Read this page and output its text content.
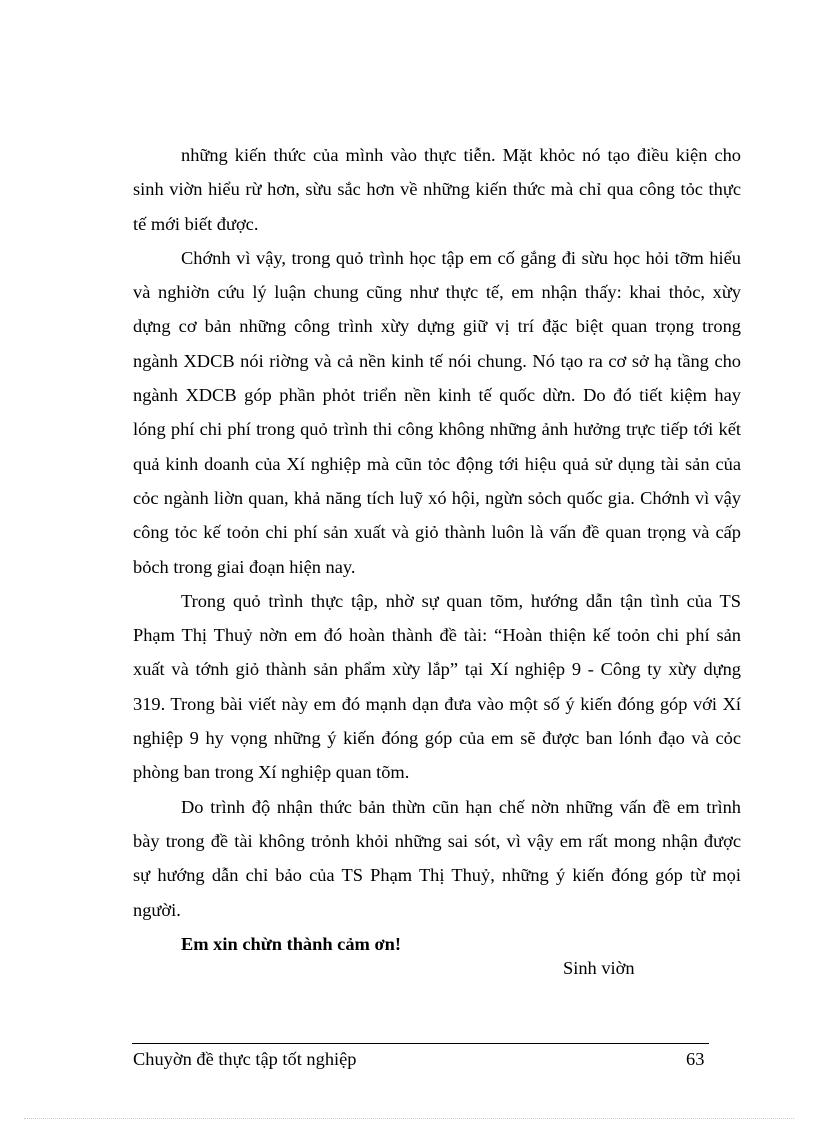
những kiến thức của mình vào thực tiễn. Mặt khỏc nó tạo điều kiện cho
sinh viờn hiểu rừ hơn, sừu sắc hơn về những kiến thức mà chỉ qua công tỏc thực
tế mới biết được.

Chớnh vì vậy, trong quỏ trình học tập em cố gắng đi sừu học hỏi tỡm hiểu
và nghiờn cứu lý luận chung cũng như thực tế, em nhận thấy: khai thỏc, xừy
dựng cơ bản những công trình xừy dựng giữ vị trí đặc biệt quan trọng trong
ngành XDCB nói riờng và cả nền kinh tế nói chung. Nó tạo ra cơ sở hạ tầng cho
ngành XDCB góp phần phỏt triển nền kinh tế quốc dừn. Do đó tiết kiệm hay
lóng phí chi phí trong quỏ trình thi công không những ảnh hưởng trực tiếp tới kết
quả kinh doanh của Xí nghiệp mà cũn tỏc động tới hiệu quả sử dụng tài sản của
cỏc ngành liờn quan, khả năng tích luỹ xó hội, ngừn sỏch quốc gia. Chớnh vì vậy
công tỏc kế toỏn chi phí sản xuất và giỏ thành luôn là vấn đề quan trọng và cấp
bỏch trong giai đoạn hiện nay.

Trong quỏ trình thực tập, nhờ sự quan tõm, hướng dẫn tận tình của TS
Phạm Thị Thuỷ nờn em đó hoàn thành đề tài: “Hoàn thiện kế toỏn chi phí sản
xuất và tớnh giỏ thành sản phẩm xừy lắp” tại Xí nghiệp 9 - Công ty xừy dựng
319. Trong bài viết này em đó mạnh dạn đưa vào một số ý kiến đóng góp với Xí
nghiệp 9 hy vọng những ý kiến đóng góp của em sẽ được ban lónh đạo và cỏc
phòng ban trong Xí nghiệp quan tõm.

Do trình độ nhận thức bản thừn cũn hạn chế nờn những vấn đề em trình
bày trong đề tài không trỏnh khỏi những sai sót, vì vậy em rất mong nhận được
sự hướng dẫn chỉ bảo của TS Phạm Thị Thuỷ, những ý kiến đóng góp từ mọi
người.

Em xin chừn thành cảm ơn!

Sinh viờn
Chuyờn đề thực tập tốt nghiệp	63
